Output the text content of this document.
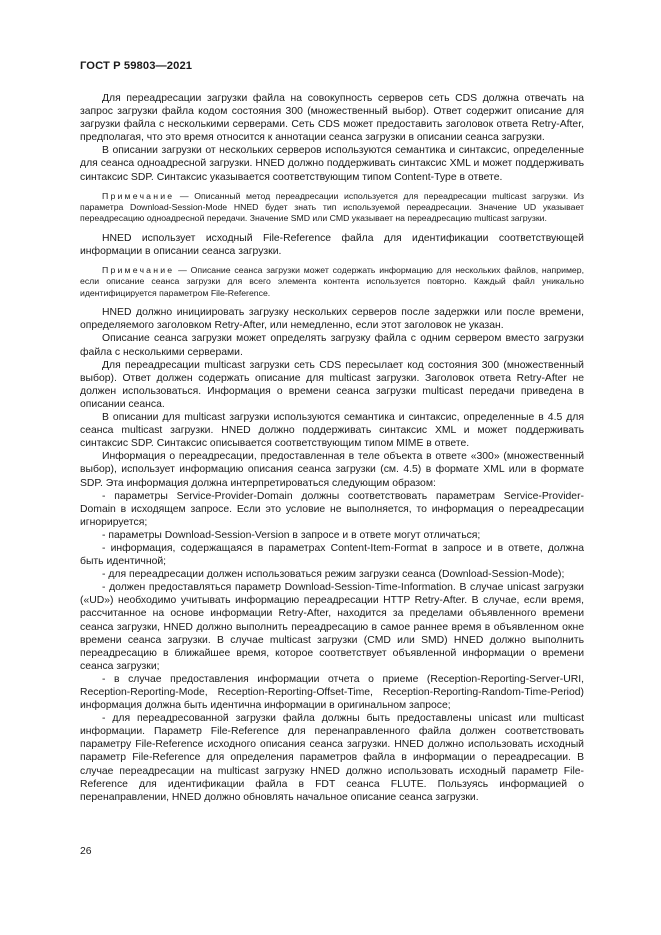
ГОСТ Р 59803—2021

Для переадресации загрузки файла на совокупность серверов сеть CDS должна отвечать на запрос загрузки файла кодом состояния 300 (множественный выбор). Ответ содержит описание для загрузки файла с несколькими серверами. Сеть CDS может предоставить заголовок ответа Retry-After, предполагая, что это время относится к аннотации сеанса загрузки в описании сеанса загрузки.

В описании загрузки от нескольких серверов используются семантика и синтаксис, определенные для сеанса одноадресной загрузки. HNED должно поддерживать синтаксис XML и может поддерживать синтаксис SDP. Синтаксис указывается соответствующим типом Content-Type в ответе.

Примечание — Описанный метод переадресации используется для переадресации multicast загрузки. Из параметра Download-Session-Mode HNED будет знать тип используемой переадресации. Значение UD указывает переадресацию одноадресной передачи. Значение SMD или CMD указывает на переадресацию multicast загрузки.

HNED использует исходный File-Reference файла для идентификации соответствующей информации в описании сеанса загрузки.

Примечание — Описание сеанса загрузки может содержать информацию для нескольких файлов, например, если описание сеанса загрузки для всего элемента контента используется повторно. Каждый файл уникально идентифицируется параметром File-Reference.

HNED должно инициировать загрузку нескольких серверов после задержки или после времени, определяемого заголовком Retry-After, или немедленно, если этот заголовок не указан.

Описание сеанса загрузки может определять загрузку файла с одним сервером вместо загрузки файла с несколькими серверами.

Для переадресации multicast загрузки сеть CDS пересылает код состояния 300 (множественный выбор). Ответ должен содержать описание для multicast загрузки. Заголовок ответа Retry-After не должен использоваться. Информация о времени сеанса загрузки multicast передачи приведена в описании сеанса.

В описании для multicast загрузки используются семантика и синтаксис, определенные в 4.5 для сеанса multicast загрузки. HNED должно поддерживать синтаксис XML и может поддерживать синтаксис SDP. Синтаксис описывается соответствующим типом MIME в ответе.

Информация о переадресации, предоставленная в теле объекта в ответе «300» (множественный выбор), использует информацию описания сеанса загрузки (см. 4.5) в формате XML или в формате SDP. Эта информация должна интерпретироваться следующим образом:

- параметры Service-Provider-Domain должны соответствовать параметрам Service-Provider-Domain в исходящем запросе. Если это условие не выполняется, то информация о переадресации игнорируется;

- параметры Download-Session-Version в запросе и в ответе могут отличаться;

- информация, содержащаяся в параметрах Content-Item-Format в запросе и в ответе, должна быть идентичной;

- для переадресации должен использоваться режим загрузки сеанса (Download-Session-Mode);

- должен предоставляться параметр Download-Session-Time-Information. В случае unicast загрузки («UD») необходимо учитывать информацию переадресации HTTP Retry-After. В случае, если время, рассчитанное на основе информации Retry-After, находится за пределами объявленного времени сеанса загрузки, HNED должно выполнить переадресацию в самое раннее время в объявленном окне времени сеанса загрузки. В случае multicast загрузки (CMD или SMD) HNED должно выполнить переадресацию в ближайшее время, которое соответствует объявленной информации о времени сеанса загрузки;

- в случае предоставления информации отчета о приеме (Reception-Reporting-Server-URI, Reception-Reporting-Mode, Reception-Reporting-Offset-Time, Reception-Reporting-Random-Time-Period) информация должна быть идентична информации в оригинальном запросе;

- для переадресованной загрузки файла должны быть предоставлены unicast или multicast информации. Параметр File-Reference для перенаправленного файла должен соответствовать параметру File-Reference исходного описания сеанса загрузки. HNED должно использовать исходный параметр File-Reference для определения параметров файла в информации о переадресации. В случае переадресации на multicast загрузку HNED должно использовать исходный параметр File-Reference для идентификации файла в FDT сеанса FLUTE. Пользуясь информацией о перенаправлении, HNED должно обновлять начальное описание сеанса загрузки.

26
